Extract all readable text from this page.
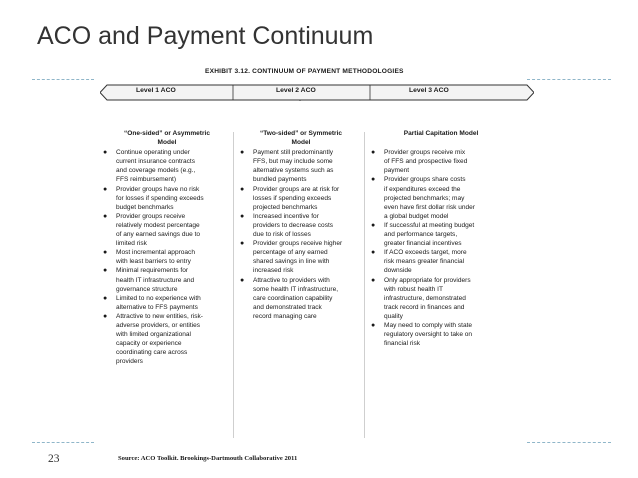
ACO and Payment Continuum
EXHIBIT 3.12. CONTINUUM OF PAYMENT METHODOLOGIES
Level 1 ACO	Level 2 ACO	Level 3 ACO
“One-sided” or Asymmetric
Model
● Continue operating under
current insurance contracts
and coverage models (e.g.,
FFS reimbursement)
● Provider groups have no risk
for losses if spending exceeds
budget benchmarks
● Provider groups receive
relatively modest percentage
of any earned savings due to
limited risk
● Most incremental approach
with least barriers to entry
● Minimal requirements for
health IT infrastructure and
governance structure
● Limited to no experience with
alternative to FFS payments
● Attractive to new entities, risk-
adverse providers, or entities
with limited organizational
capacity or experience
coordinating care across
providers
“Two-sided” or Symmetric
Model
● Payment still predominantly
FFS, but may include some
alternative systems such as
bundled payments
● Provider groups are at risk for
losses if spending exceeds
projected benchmarks
● Increased incentive for
providers to decrease costs
due to risk of losses
● Provider groups receive higher
percentage of any earned
shared savings in line with
increased risk
● Attractive to providers with
some health IT infrastructure,
care coordination capability
and demonstrated track
record managing care
Partial Capitation Model

● Provider groups receive mix
of FFS and prospective fixed
payment
● Provider groups share costs
if expenditures exceed the
projected benchmarks; may
even have first dollar risk under
a global budget model
● If successful at meeting budget
and performance targets,
greater financial incentives
● If ACO exceeds target, more
risk means greater financial
downside
● Only appropriate for providers
with robust health IT
infrastructure, demonstrated
track record in finances and
quality
● May need to comply with state
regulatory oversight to take on
financial risk
23	Source: ACO Toolkit. Brookings-Dartmouth Collaborative 2011
